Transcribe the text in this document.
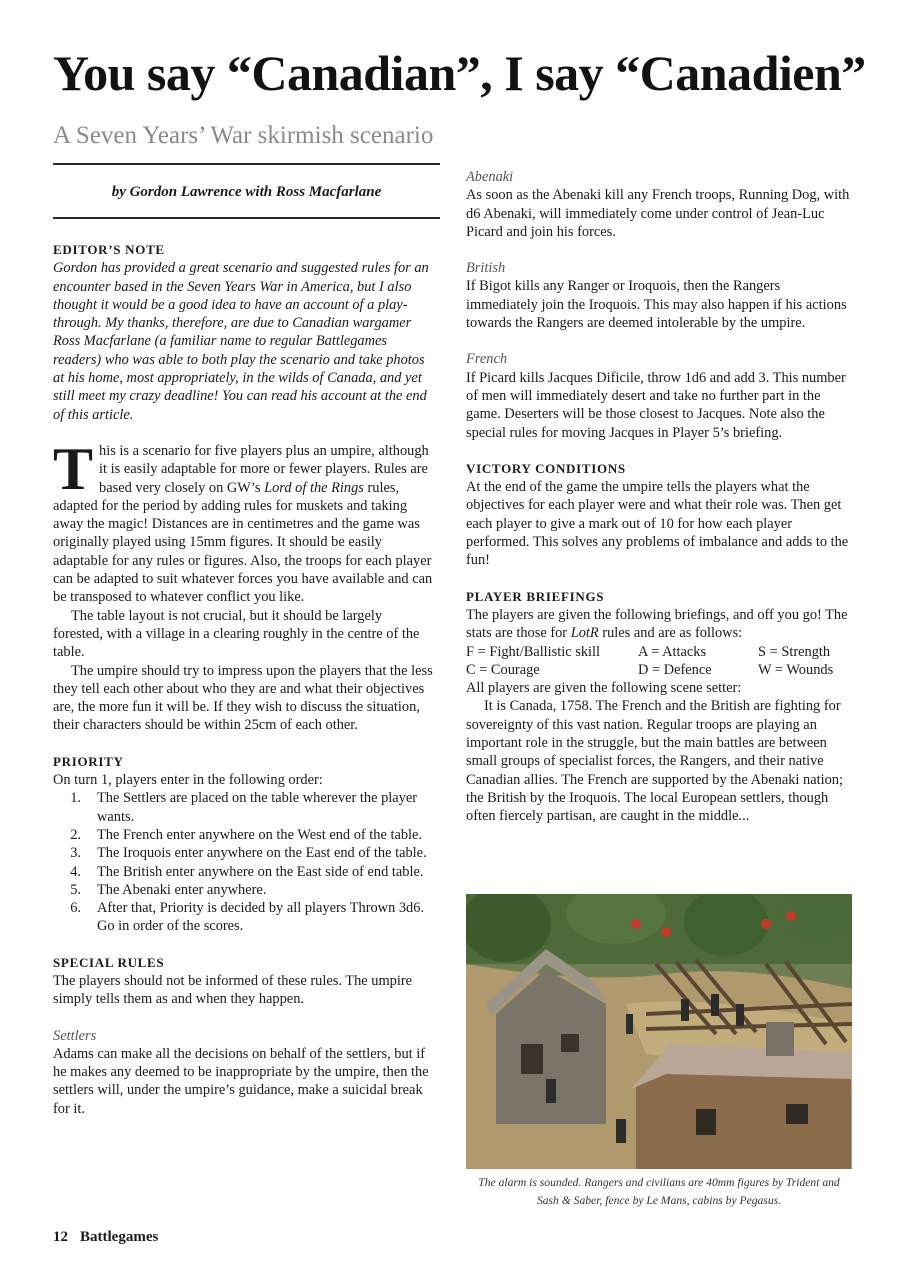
You say “Canadian”, I say “Canadien”
A Seven Years’ War skirmish scenario
by Gordon Lawrence with Ross Macfarlane

EDITOR’S NOTE

Gordon has provided a great scenario and suggested rules for an encounter based in the Seven Years War in America, but I also thought it would be a good idea to have an account of a play-through. My thanks, therefore, are due to Canadian wargamer Ross Macfarlane (a familiar name to regular Battlegames readers) who was able to both play the scenario and take photos at his home, most appropriately, in the wilds of Canada, and yet still meet my crazy deadline! You can read his account at the end of this article.

This is a scenario for five players plus an umpire, although it is easily adaptable for more or fewer players. Rules are based very closely on GW’s Lord of the Rings rules, adapted for the period by adding rules for muskets and taking away the magic! Distances are in centimetres and the game was originally played using 15mm figures. It should be easily adaptable for any rules or figures. Also, the troops for each player can be adapted to suit whatever forces you have available and can be transposed to whatever conflict you like.

The table layout is not crucial, but it should be largely forested, with a village in a clearing roughly in the centre of the table.

The umpire should try to impress upon the players that the less they tell each other about who they are and what their objectives are, the more fun it will be. If they wish to discuss the situation, their characters should be within 25cm of each other.

PRIORITY

On turn 1, players enter in the following order:

1.	The Settlers are placed on the table wherever the player wants.
2.	The French enter anywhere on the West end of the table.
3.	The Iroquois enter anywhere on the East end of the table.
4.	The British enter anywhere on the East side of end table.
5.	The Abenaki enter anywhere.
6.	After that, Priority is decided by all players Thrown 3d6. Go in order of the scores.

SPECIAL RULES

The players should not be informed of these rules. The umpire simply tells them as and when they happen.

Settlers

Adams can make all the decisions on behalf of the settlers, but if he makes any deemed to be inappropriate by the umpire, then the settlers will, under the umpire’s guidance, make a suicidal break for it.

Abenaki

As soon as the Abenaki kill any French troops, Running Dog, with d6 Abenaki, will immediately come under control of Jean-Luc Picard and join his forces.

British

If Bigot kills any Ranger or Iroquois, then the Rangers immediately join the Iroquois. This may also happen if his actions towards the Rangers are deemed intolerable by the umpire.

French

If Picard kills Jacques Dificile, throw 1d6 and add 3. This number of men will immediately desert and take no further part in the game. Deserters will be those closest to Jacques. Note also the special rules for moving Jacques in Player 5’s briefing.

VICTORY CONDITIONS

At the end of the game the umpire tells the players what the objectives for each player were and what their role was. Then get each player to give a mark out of 10 for how each player performed. This solves any problems of imbalance and adds to the fun!

PLAYER BRIEFINGS

The players are given the following briefings, and off you go! The stats are those for LotR rules and are as follows:

F = Fight/Ballistic skill	A = Attacks	S = Strength
C = Courage	D = Defence	W = Wounds

All players are given the following scene setter:

It is Canada, 1758. The French and the British are fighting for sovereignty of this vast nation. Regular troops are playing an important role in the struggle, but the main battles are between small groups of specialist forces, the Rangers, and their native Canadian allies. The French are supported by the Abenaki nation; the British by the Iroquois. The local European settlers, though often fiercely partisan, are caught in the middle...

The alarm is sounded. Rangers and civilians are 40mm figures by Trident and Sash & Saber, fence by Le Mans, cabins by Pegasus.
12 Battlegames
